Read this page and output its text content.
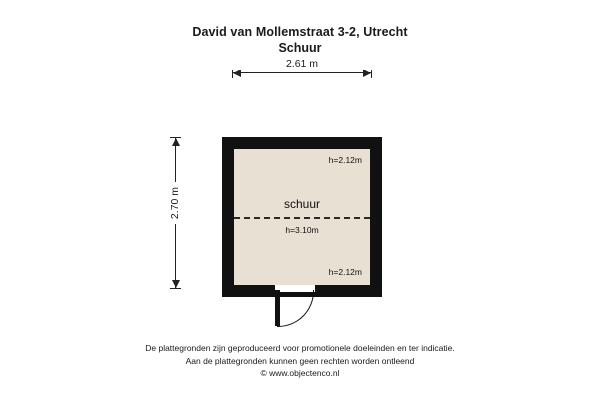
David van Mollemstraat 3-2, Utrecht
Schuur
2.61 m
2.70 m	schuur
h=2.12m
h=3.10m
h=2.12m
De plattegronden zijn geproduceerd voor promotionele doeleinden en ter indicatie.
Aan de plattegronden kunnen geen rechten worden ontleend
© www.objectenco.nl
